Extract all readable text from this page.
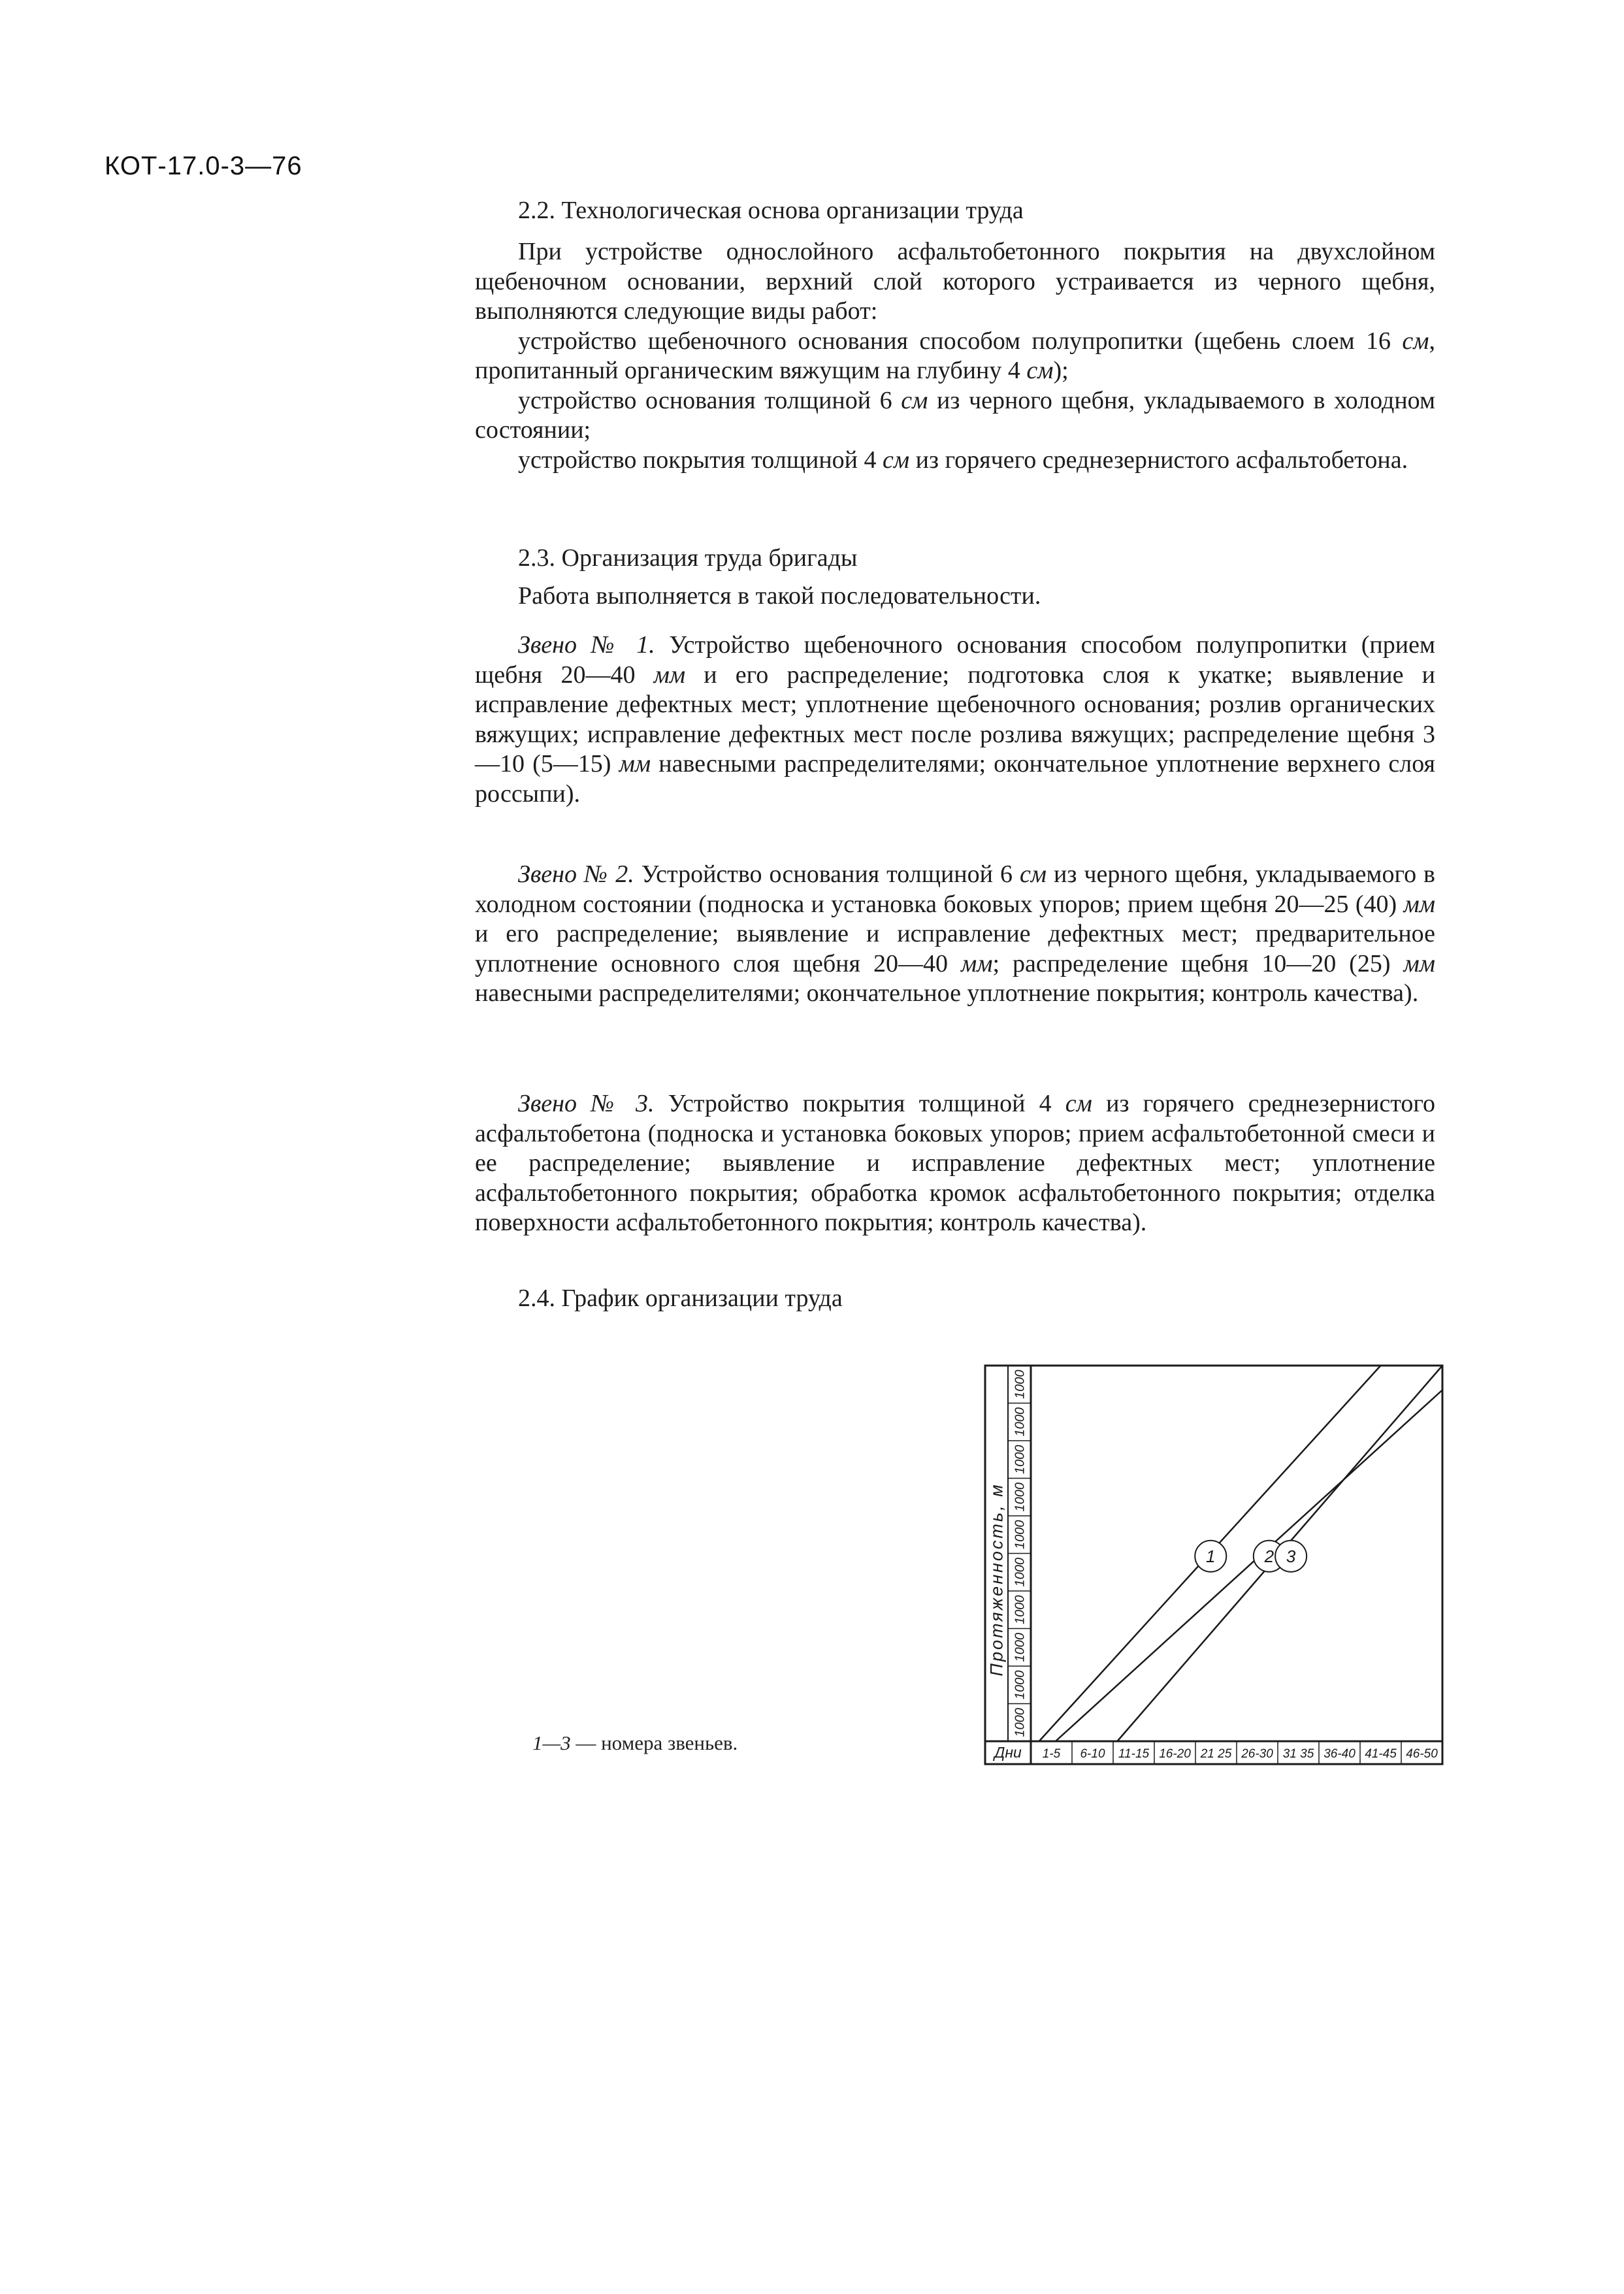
КОТ-17.0-3—76
2.2. Технологическая основа организации труда

При устройстве однослойного асфальтобетонного покрытия на двухслойном щебеночном основании, верхний слой которого устраивается из черного щебня, выполняются следующие виды работ:

устройство щебеночного основания способом полупропитки (щебень слоем 16 см, пропитанный органическим вяжущим на глубину 4 см);

устройство основания толщиной 6 см из черного щебня, укладываемого в холодном состоянии;

устройство покрытия толщиной 4 см из горячего среднезернистого асфальтобетона.

2.3. Организация труда бригады

Работа выполняется в такой последовательности.

Звено № 1. Устройство щебеночного основания способом полупропитки (прием щебня 20—40 мм и его распределение; подготовка слоя к укатке; выявление и исправление дефектных мест; уплотнение щебеночного основания; розлив органических вяжущих; исправление дефектных мест после розлива вяжущих; распределение щебня 3—10 (5—15) мм навесными распределителями; окончательное уплотнение верхнего слоя россыпи).

Звено № 2. Устройство основания толщиной 6 см из черного щебня, укладываемого в холодном состоянии (подноска и установка боковых упоров; прием щебня 20—25 (40) мм и его распределение; выявление и исправление дефектных мест; предварительное уплотнение основного слоя щебня 20—40 мм; распределение щебня 10—20 (25) мм навесными распределителями; окончательное уплотнение покрытия; контроль качества).

Звено № 3. Устройство покрытия толщиной 4 см из горячего среднезернистого асфальтобетона (подноска и установка боковых упоров; прием асфальтобетонной смеси и ее распределение; выявление и исправление дефектных мест; уплотнение асфальтобетонного покрытия; обработка кромок асфальтобетонного покрытия; отделка поверхности асфальтобетонного покрытия; контроль качества).

2.4. График организации труда
1—3 — номера звеньев.
Протяженность, м
1000
1000
1000
1000
1000
1000
1000
1000
1000
1000
Дни 1-5 6-10 11-15 16-20 21 25 26-30 31 35 36-40 41-45 46-50
1	2 3
